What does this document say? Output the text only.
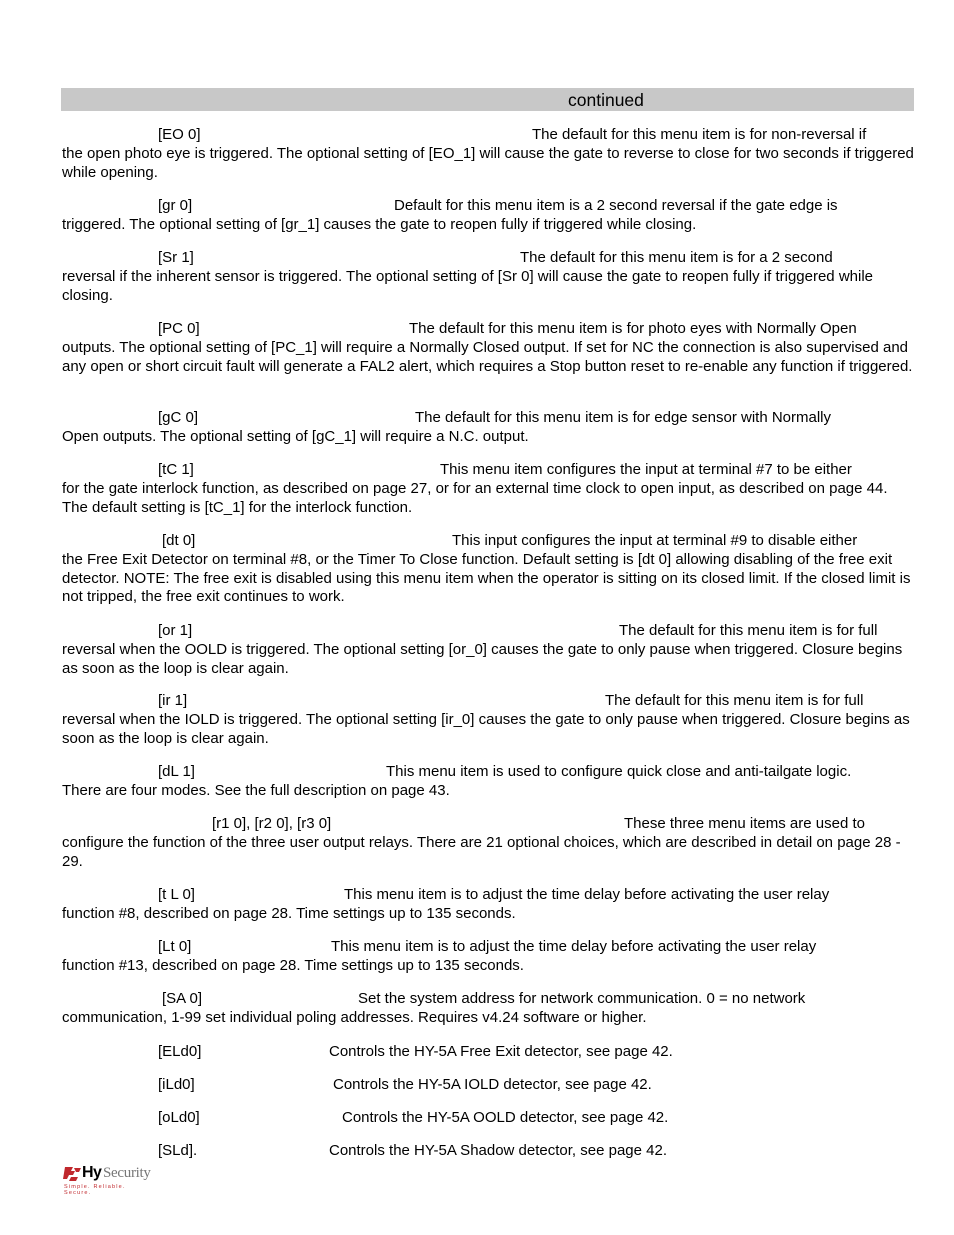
continued
[EO 0]	The default for this menu item is for non-reversal if

the open photo eye is triggered. The optional setting of [EO_1] will cause the gate to reverse to close for two seconds if triggered while opening.

[gr 0]	Default for this menu item is a 2 second reversal if the gate edge is

triggered. The optional setting of [gr_1] causes the gate to reopen fully if triggered while closing.

[Sr 1]	The default for this menu item is for a 2 second

reversal if the inherent sensor is triggered. The optional setting of [Sr 0] will cause the gate to reopen fully if triggered while closing.

[PC 0]	The default for this menu item is for photo eyes with Normally Open

outputs. The optional setting of [PC_1] will require a Normally Closed output. If set for NC the connection is also supervised and any open or short circuit fault will generate a FAL2 alert, which requires a Stop button reset to re-enable any function if triggered.

[gC 0]	The default for this menu item is for edge sensor with Normally

Open outputs. The optional setting of [gC_1] will require a N.C. output.

[tC 1]	This menu item configures the input at terminal #7 to be either

for the gate interlock function, as described on page 27, or for an external time clock to open input, as described on page 44. The default setting is [tC_1] for the interlock function.

[dt 0]	This input configures the input at terminal #9 to disable either

the Free Exit Detector on terminal #8, or the Timer To Close function. Default setting is [dt 0] allowing disabling of the free exit detector. NOTE: The free exit is disabled using this menu item when the operator is sitting on its closed limit. If the closed limit is not tripped, the free exit continues to work.

[or 1]	The default for this menu item is for full

reversal when the OOLD is triggered. The optional setting [or_0] causes the gate to only pause when triggered. Closure begins as soon as the loop is clear again.

[ir 1]	The default for this menu item is for full

reversal when the IOLD is triggered. The optional setting [ir_0] causes the gate to only pause when triggered. Closure begins as soon as the loop is clear again.

[dL 1]	This menu item is used to configure quick close and anti-tailgate logic.

There are four modes. See the full description on page 43.

[r1 0], [r2 0], [r3 0]	These three menu items are used to

configure the function of the three user output relays. There are 21 optional choices, which are described in detail on page 28 - 29.

[t L 0]	This menu item is to adjust the time delay before activating the user relay

function #8, described on page 28. Time settings up to 135 seconds.

[Lt 0]	This menu item is to adjust the time delay before activating the user relay

function #13, described on page 28. Time settings up to 135 seconds.

[SA 0]	Set the system address for network communication. 0 = no network

communication, 1-99 set individual poling addresses. Requires v4.24 software or higher.

[ELd0]	Controls the HY-5A Free Exit detector, see page 42.
[iLd0]	Controls the HY-5A IOLD detector, see page 42.
[oLd0]	Controls the HY-5A OOLD detector, see page 42.
[SLd].	Controls the HY-5A Shadow detector, see page 42.
Hy Security
Simple. Reliable. Secure.
